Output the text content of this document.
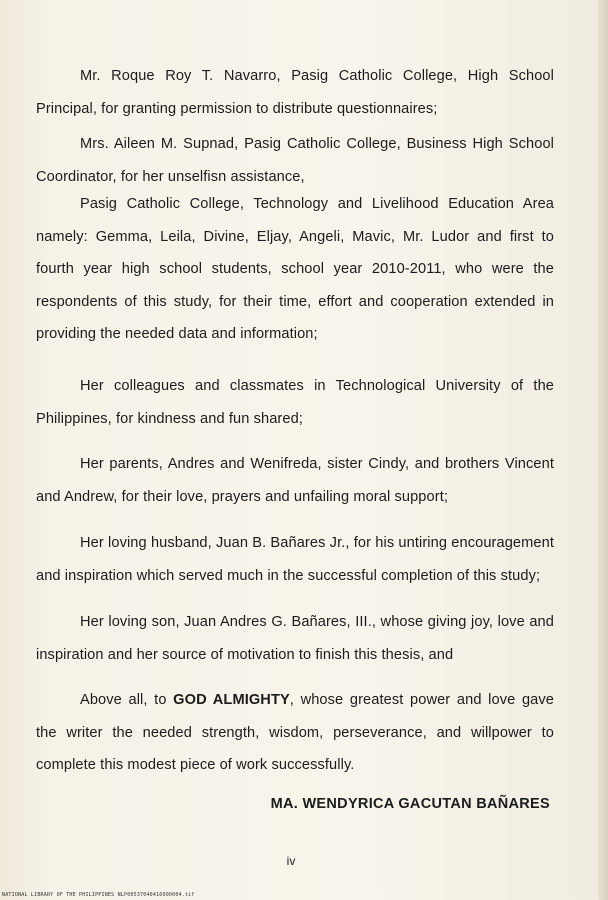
Mr. Roque Roy T. Navarro, Pasig Catholic College, High School Principal, for granting permission to distribute questionnaires;

Mrs. Aileen M. Supnad, Pasig Catholic College, Business High School Coordinator, for her unselfisn assistance,

Pasig Catholic College, Technology and Livelihood Education Area namely: Gemma, Leila, Divine, Eljay, Angeli, Mavic, Mr. Ludor and first to fourth year high school students, school year 2010-2011, who were the respondents of this study, for their time, effort and cooperation extended in providing the needed data and information;

Her colleagues and classmates in Technological University of the Philippines, for kindness and fun shared;

Her parents, Andres and Wenifreda, sister Cindy, and brothers Vincent and Andrew, for their love, prayers and unfailing moral support;

Her loving husband, Juan B. Bañares Jr., for his untiring encouragement and inspiration which served much in the successful completion of this study;

Her loving son, Juan Andres G. Bañares, III., whose giving joy, love and inspiration and her source of motivation to finish this thesis, and

Above all, to GOD ALMIGHTY, whose greatest power and love gave the writer the needed strength, wisdom, perseverance, and willpower to complete this modest piece of work successfully.

MA. WENDYRICA GACUTAN BAÑARES
iv
NATIONAL LIBRARY OF THE PHILIPPINES NLP00537040416000004.tif
